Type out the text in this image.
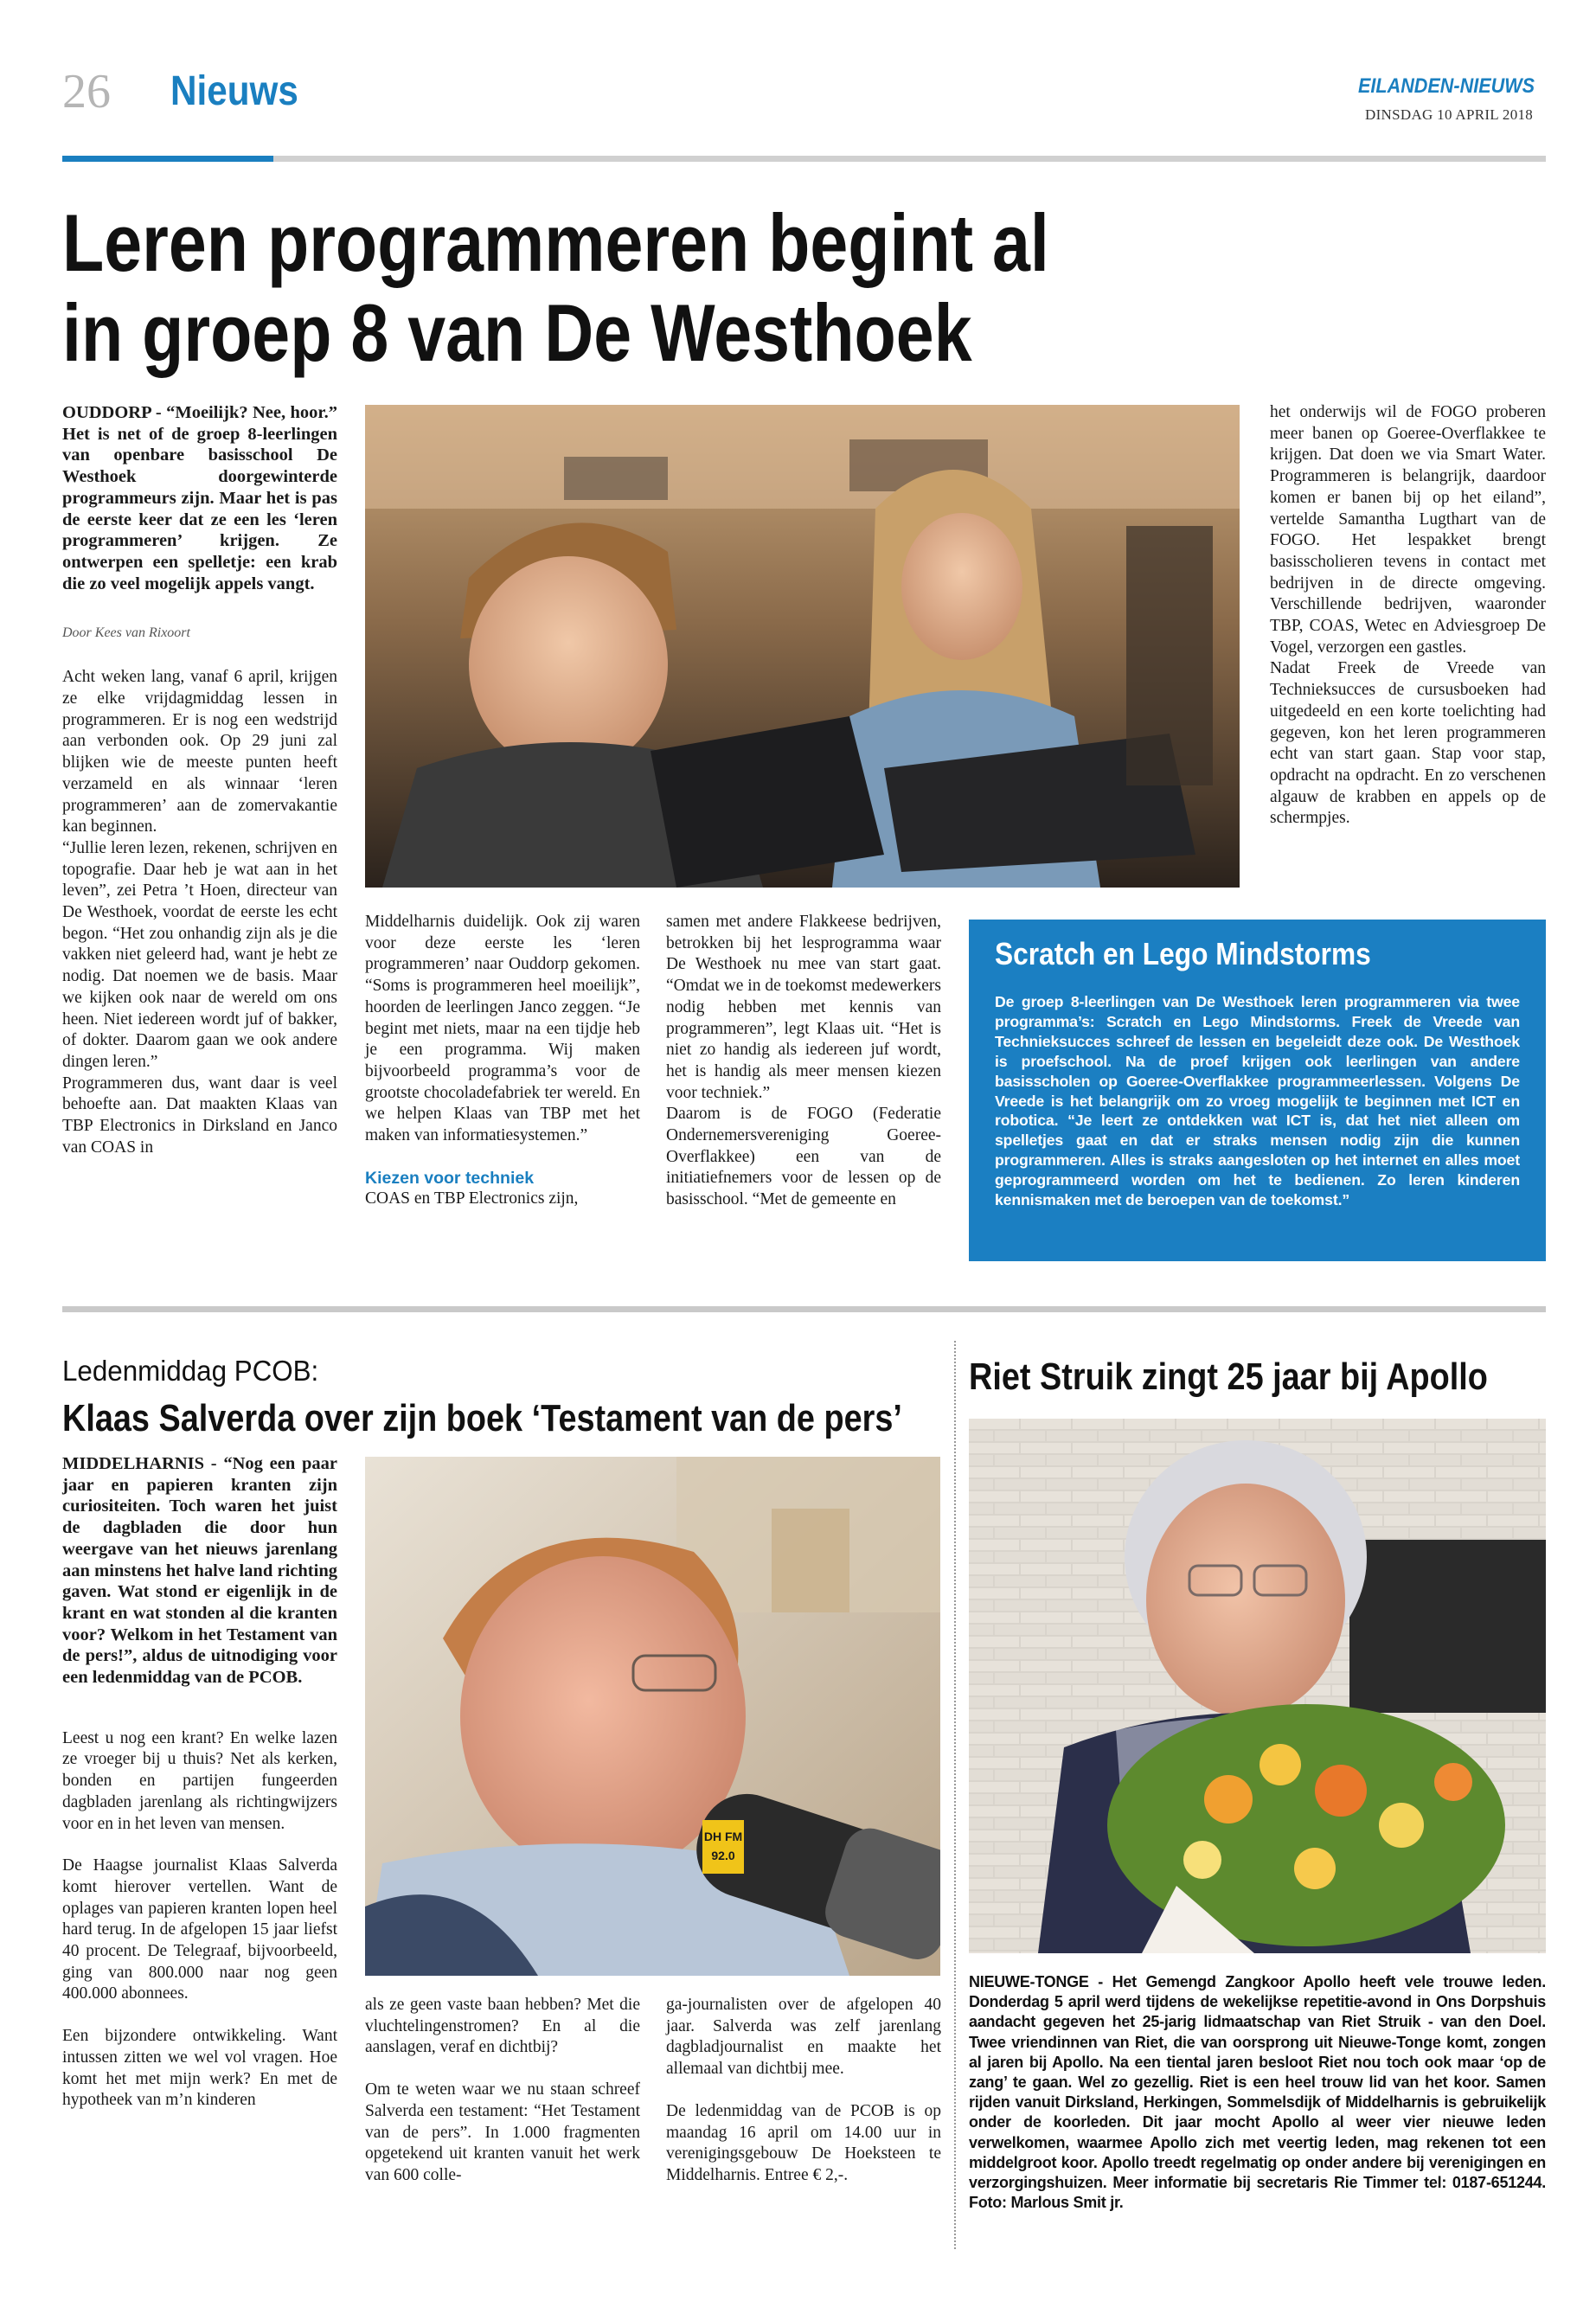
26 Nieuws	EILANDEN-NIEUWS
DINSDAG 10 APRIL 2018
Leren programmeren begint al
in groep 8 van De Westhoek
OUDDORP - “Moeilijk? Nee, hoor.” Het is net of de groep 8-leerlingen van openbare basisschool De Westhoek doorgewinterde programmeurs zijn. Maar het is pas de eerste keer dat ze een les ‘leren programmeren’ krijgen. Ze ontwerpen een spelletje: een krab die zo veel mogelijk appels vangt.
Door Kees van Rixoort

Acht weken lang, vanaf 6 april, krijgen ze elke vrijdagmiddag lessen in programmeren. Er is nog een wedstrijd aan verbonden ook. Op 29 juni zal blijken wie de meeste punten heeft verzameld en als winnaar ‘leren programmeren’ aan de zomervakantie kan beginnen.

“Jullie leren lezen, rekenen, schrijven en topografie. Daar heb je wat aan in het leven”, zei Petra ’t Hoen, directeur van De Westhoek, voordat de eerste les echt begon. “Het zou onhandig zijn als je die vakken niet geleerd had, want je hebt ze nodig. Dat noemen we de basis. Maar we kijken ook naar de wereld om ons heen. Niet iedereen wordt juf of bakker, of dokter. Daarom gaan we ook andere dingen leren.”

Programmeren dus, want daar is veel behoefte aan. Dat maakten Klaas van TBP Electronics in Dirksland en Janco van COAS in

het onderwijs wil de FOGO proberen meer banen op Goeree-Overflakkee te krijgen. Dat doen we via Smart Water. Programmeren is belangrijk, daardoor komen er banen bij op het eiland”, vertelde Samantha Lugthart van de FOGO. Het lespakket brengt basisscholieren tevens in contact met bedrijven in de directe omgeving. Verschillende bedrijven, waaronder TBP, COAS, Wetec en Adviesgroep De Vogel, verzorgen een gastles.

Nadat Freek de Vreede van Technieksucces de cursusboeken had uitgedeeld en een korte toelichting had gegeven, kon het leren programmeren echt van start gaan. Stap voor stap, opdracht na opdracht. En zo verschenen algauw de krabben en appels op de schermpjes.

Middelharnis duidelijk. Ook zij waren voor deze eerste les ‘leren programmeren’ naar Ouddorp gekomen. “Soms is programmeren heel moeilijk”, hoorden de leerlingen Janco zeggen. “Je begint met niets, maar na een tijdje heb je een programma. Wij maken bijvoorbeeld programma’s voor de grootste chocoladefabriek ter wereld. En we helpen Klaas van TBP met het maken van informatiesystemen.”

Kiezen voor techniek

COAS en TBP Electronics zijn,

samen met andere Flakkeese bedrijven, betrokken bij het lesprogramma waar De Westhoek nu mee van start gaat. “Omdat we in de toekomst medewerkers nodig hebben met kennis van programmeren”, legt Klaas uit. “Het is niet zo handig als iedereen juf wordt, het is handig als meer mensen kiezen voor techniek.”

Daarom is de FOGO (Federatie Ondernemersvereniging Goeree-Overflakkee) een van de initiatiefnemers voor de lessen op de basisschool. “Met de gemeente en

Scratch en Lego Mindstorms
De groep 8-leerlingen van De Westhoek leren programmeren via twee programma’s: Scratch en Lego Mindstorms. Freek de Vreede van Technieksucces schreef de lessen en begeleidt deze ook. De Westhoek is proefschool. Na de proef krijgen ook leerlingen van andere basisscholen op Goeree-Overflakkee programmeerlessen. Volgens De Vreede is het belangrijk om zo vroeg mogelijk te beginnen met ICT en robotica. “Je leert ze ontdekken wat ICT is, dat het niet alleen om spelletjes gaat en dat er straks mensen nodig zijn die kunnen programmeren. Alles is straks aangesloten op het internet en alles moet geprogrammeerd worden om het te bedienen. Zo leren kinderen kennismaken met de beroepen van de toekomst.”
Ledenmiddag PCOB:
Klaas Salverda over zijn boek ‘Testament van de pers’
MIDDELHARNIS - “Nog een paar jaar en papieren kranten zijn curiositeiten. Toch waren het juist de dagbladen die door hun weergave van het nieuws jarenlang aan minstens het halve land richting gaven. Wat stond er eigenlijk in de krant en wat stonden al die kranten voor? Welkom in het Testament van de pers!”, aldus de uitnodiging voor een ledenmiddag van de PCOB.

Leest u nog een krant? En welke lazen ze vroeger bij u thuis? Net als kerken, bonden en partijen fungeerden dagbladen jarenlang als richtingwijzers voor en in het leven van mensen.

De Haagse journalist Klaas Salverda komt hierover vertellen. Want de oplages van papieren kranten lopen heel hard terug. In de afgelopen 15 jaar liefst 40 procent. De Telegraaf, bijvoorbeeld, ging van 800.000 naar nog geen 400.000 abonnees.

Een bijzondere ontwikkeling. Want intussen zitten we wel vol vragen. Hoe komt het met mijn werk? En met de hypotheek van m’n kinderen

DH FM
92.0

als ze geen vaste baan hebben? Met die vluchtelingenstromen? En al die aanslagen, veraf en dichtbij?

Om te weten waar we nu staan schreef Salverda een testament: “Het Testament van de pers”. In 1.000 fragmenten opgetekend uit kranten vanuit het werk van 600 colle-

ga-journalisten over de afgelopen 40 jaar. Salverda was zelf jarenlang dagbladjournalist en maakte het allemaal van dichtbij mee.

De ledenmiddag van de PCOB is op maandag 16 april om 14.00 uur in verenigingsgebouw De Hoeksteen te Middelharnis. Entree € 2,-.

Riet Struik zingt 25 jaar bij Apollo
NIEUWE-TONGE - Het Gemengd Zangkoor Apollo heeft vele trouwe leden. Donderdag 5 april werd tijdens de wekelijkse repetitie-avond in Ons Dorpshuis aandacht gegeven het 25-jarig lidmaatschap van Riet Struik - van den Doel. Twee vriendinnen van Riet, die van oorsprong uit Nieuwe-Tonge komt, zongen al jaren bij Apollo. Na een tiental jaren besloot Riet nou toch ook maar ‘op de zang’ te gaan. Wel zo gezellig. Riet is een heel trouw lid van het koor. Samen rijden vanuit Dirksland, Herkingen, Sommelsdijk of Middelharnis is gebruikelijk onder de koorleden. Dit jaar mocht Apollo al weer vier nieuwe leden verwelkomen, waarmee Apollo zich met veertig leden, mag rekenen tot een middelgroot koor. Apollo treedt regelmatig op onder andere bij verenigingen en verzorgingshuizen. Meer informatie bij secretaris Rie Timmer tel: 0187-651244. Foto: Marlous Smit jr.
